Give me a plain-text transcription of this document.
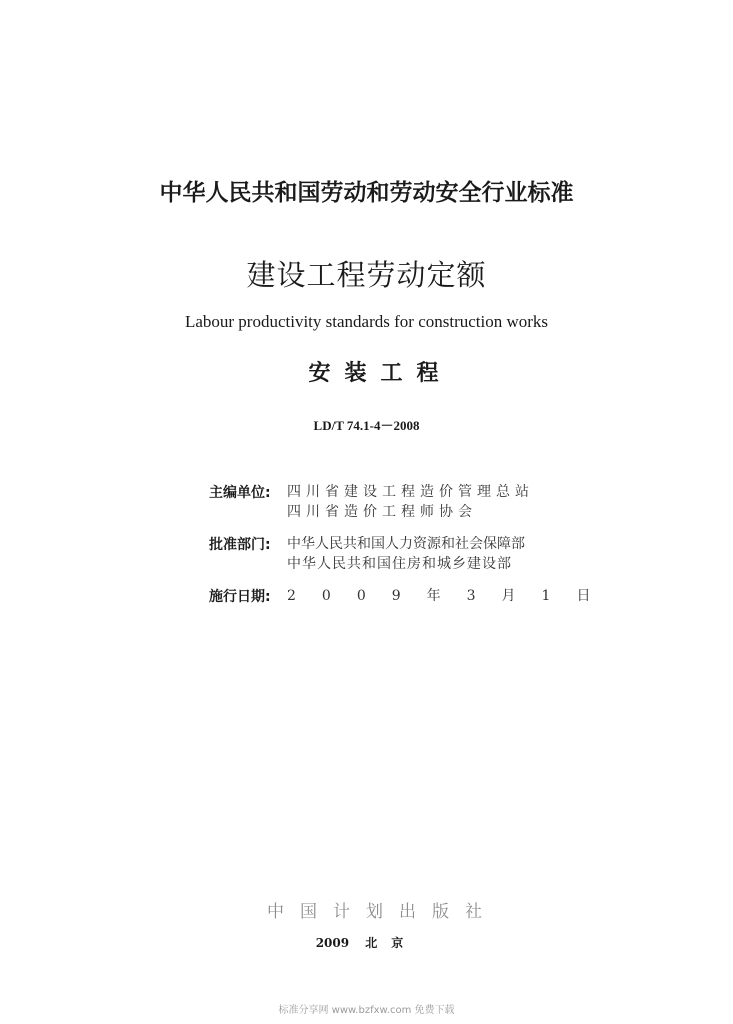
中华人民共和国劳动和劳动安全行业标准
建设工程劳动定额
Labour productivity standards for construction works
安装工程
LD/T 74.1-4－2008
主编单位:	四川省建设工程造价管理总站
四川省造价工程师协会
批准部门:	中华人民共和国人力资源和社会保障部
中华人民共和国住房和城乡建设部
施行日期:	2009年3月1日
中国计划出版社
2009 北京
标准分享网 www.bzfxw.com 免费下载
